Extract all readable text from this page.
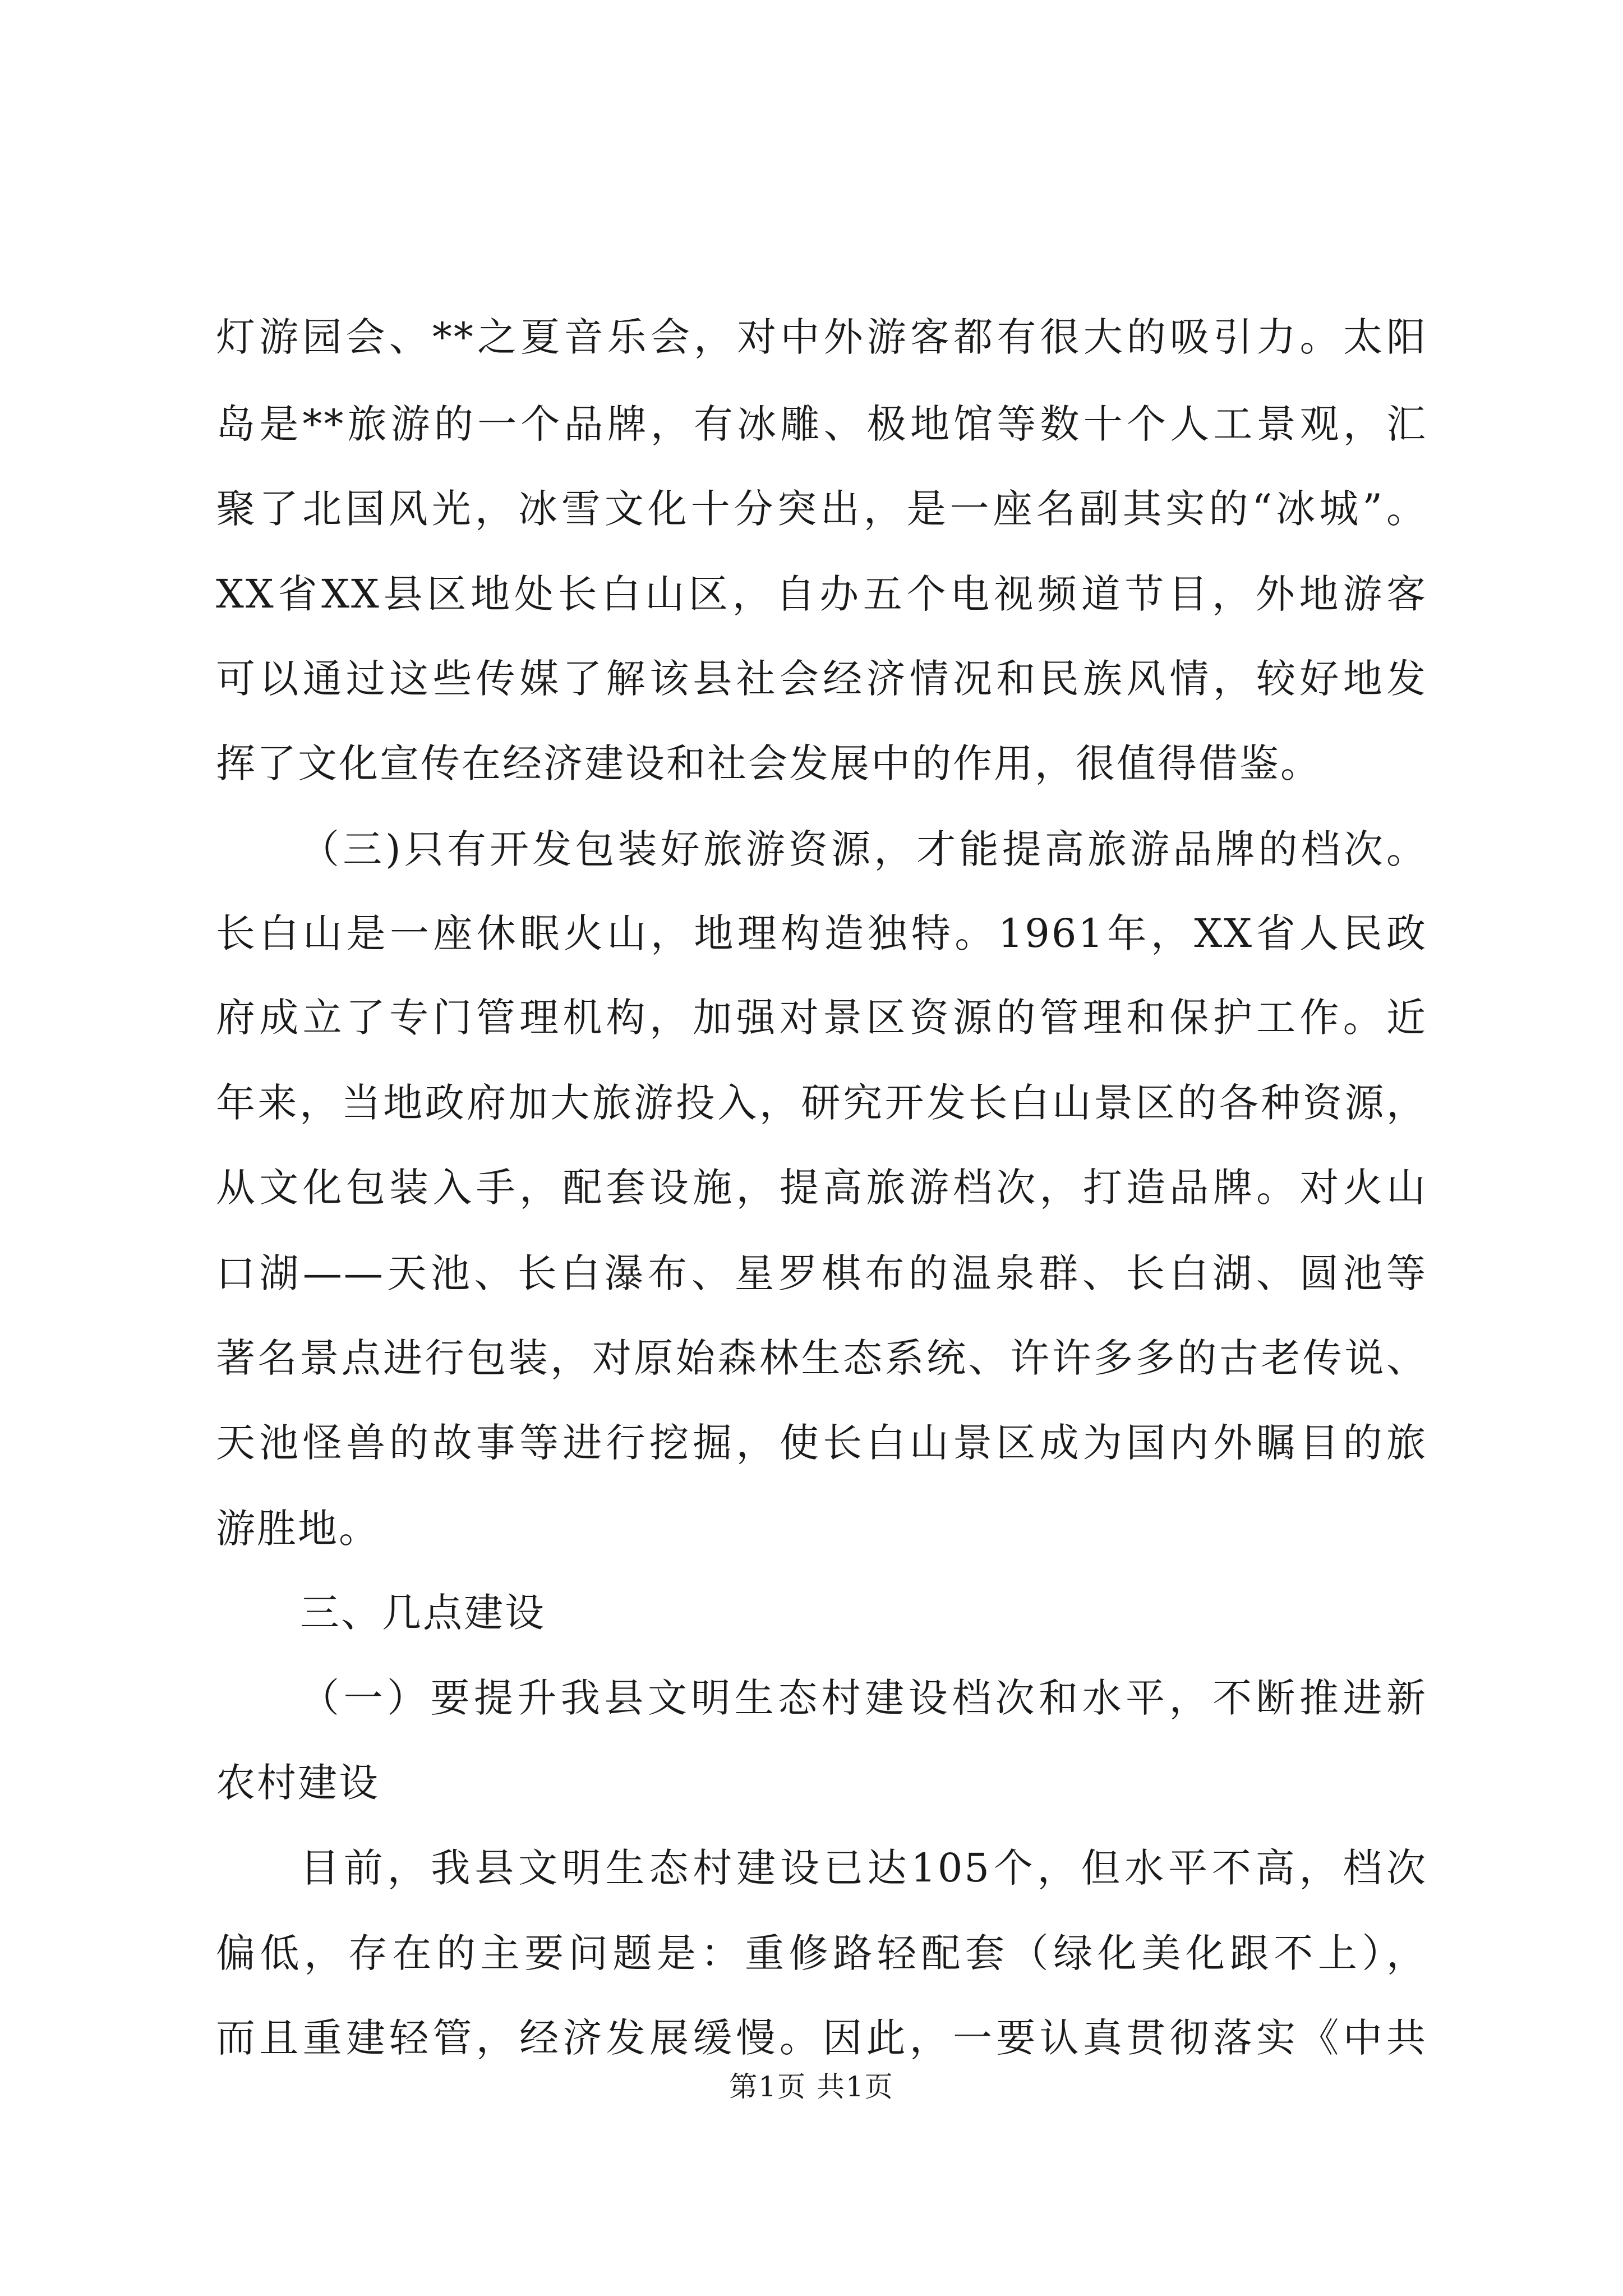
灯游园会、**之夏音乐会，对中外游客都有很大的吸引力。太阳
岛是**旅游的一个品牌，有冰雕、极地馆等数十个人工景观，汇
聚了北国风光，冰雪文化十分突出，是一座名副其实的“冰城”。
XX省XX县区地处长白山区，自办五个电视频道节目，外地游客
可以通过这些传媒了解该县社会经济情况和民族风情，较好地发
挥了文化宣传在经济建设和社会发展中的作用，很值得借鉴。
（三)只有开发包装好旅游资源，才能提高旅游品牌的档次。
长白山是一座休眠火山，地理构造独特。1961年，XX省人民政
府成立了专门管理机构，加强对景区资源的管理和保护工作。近
年来，当地政府加大旅游投入，研究开发长白山景区的各种资源，
从文化包装入手，配套设施，提高旅游档次，打造品牌。对火山
口湖——天池、长白瀑布、星罗棋布的温泉群、长白湖、圆池等
著名景点进行包装，对原始森林生态系统、许许多多的古老传说、
天池怪兽的故事等进行挖掘，使长白山景区成为国内外瞩目的旅
游胜地。
三、几点建设
（一）要提升我县文明生态村建设档次和水平，不断推进新
农村建设
目前，我县文明生态村建设已达105个，但水平不高，档次
偏低，存在的主要问题是：重修路轻配套（绿化美化跟不上），
而且重建轻管，经济发展缓慢。因此，一要认真贯彻落实《中共
第1页 共1页
